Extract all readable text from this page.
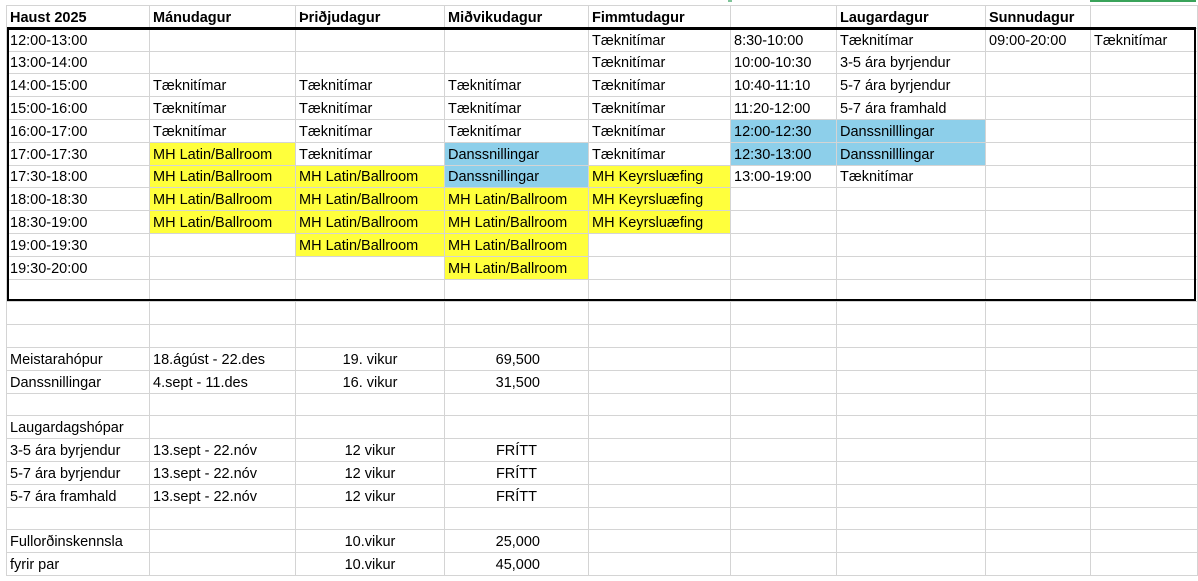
Haust 2025	Mánudagur	Þriðjudagur	Miðvikudagur	Fimmtudagur		Laugardagur	Sunnudagur	
12:00-13:00				Tæknitímar	8:30-10:00	Tæknitímar	09:00-20:00	Tæknitímar
13:00-14:00				Tæknitímar	10:00-10:30	3-5 ára byrjendur		
14:00-15:00	Tæknitímar	Tæknitímar	Tæknitímar	Tæknitímar	10:40-11:10	5-7 ára byrjendur		
15:00-16:00	Tæknitímar	Tæknitímar	Tæknitímar	Tæknitímar	11:20-12:00	5-7 ára framhald		
16:00-17:00	Tæknitímar	Tæknitímar	Tæknitímar	Tæknitímar	12:00-12:30	Danssnilllingar		
17:00-17:30	MH Latin/Ballroom	Tæknitímar	Danssnillingar	Tæknitímar	12:30-13:00	Danssnilllingar		
17:30-18:00	MH Latin/Ballroom	MH Latin/Ballroom	Danssnillingar	MH Keyrsluæfing	13:00-19:00	Tæknitímar		
18:00-18:30	MH Latin/Ballroom	MH Latin/Ballroom	MH Latin/Ballroom	MH Keyrsluæfing				
18:30-19:00	MH Latin/Ballroom	MH Latin/Ballroom	MH Latin/Ballroom	MH Keyrsluæfing				
19:00-19:30		MH Latin/Ballroom	MH Latin/Ballroom					
19:30-20:00			MH Latin/Ballroom					

Meistarahópur	18.ágúst - 22.des	19. vikur	69,500					
Danssnillingar	4.sept - 11.des	16. vikur	31,500					

Laugardagshópar								
3-5 ára byrjendur	13.sept - 22.nóv	12 vikur	FRÍTT					
5-7 ára byrjendur	13.sept - 22.nóv	12 vikur	FRÍTT					
5-7 ára framhald	13.sept - 22.nóv	12 vikur	FRÍTT					

Fullorðinskennsla		10.vikur	25,000					
fyrir par		10.vikur	45,000					
